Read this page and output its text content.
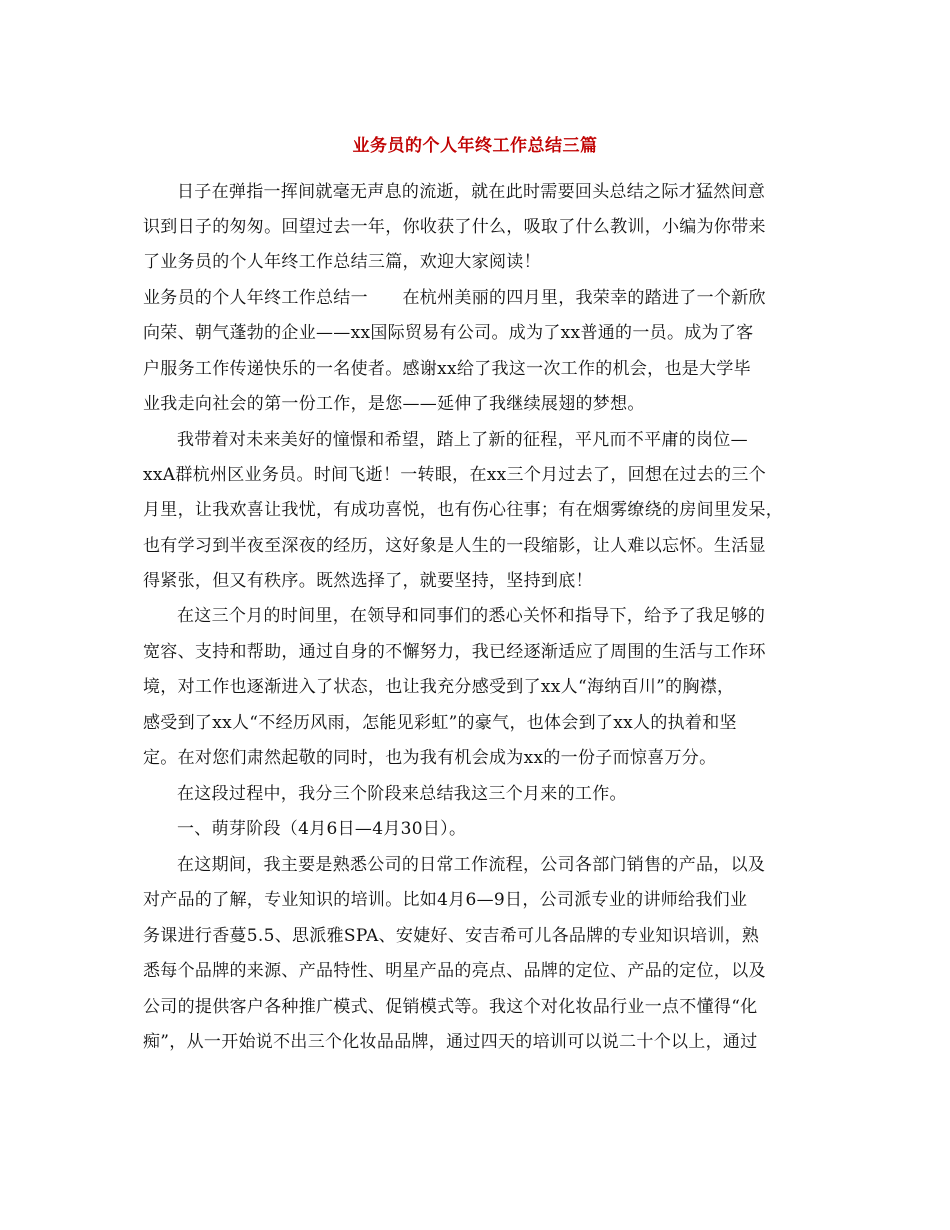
业务员的个人年终工作总结三篇
日子在弹指一挥间就毫无声息的流逝，就在此时需要回头总结之际才猛然间意
识到日子的匆匆。回望过去一年，你收获了什么，吸取了什么教训，小编为你带来
了业务员的个人年终工作总结三篇，欢迎大家阅读！
业务员的个人年终工作总结一　　在杭州美丽的四月里，我荣幸的踏进了一个新欣
向荣、朝气蓬勃的企业——xx国际贸易有公司。成为了xx普通的一员。成为了客
户服务工作传递快乐的一名使者。感谢xx给了我这一次工作的机会，也是大学毕
业我走向社会的第一份工作，是您——延伸了我继续展翅的梦想。
我带着对未来美好的憧憬和希望，踏上了新的征程，平凡而不平庸的岗位—
xxA群杭州区业务员。时间飞逝！一转眼，在xx三个月过去了，回想在过去的三个
月里，让我欢喜让我忧，有成功喜悦，也有伤心往事；有在烟雾缭绕的房间里发呆，
也有学习到半夜至深夜的经历，这好象是人生的一段缩影，让人难以忘怀。生活显
得紧张，但又有秩序。既然选择了，就要坚持，坚持到底！
在这三个月的时间里，在领导和同事们的悉心关怀和指导下，给予了我足够的
宽容、支持和帮助，通过自身的不懈努力，我已经逐渐适应了周围的生活与工作环
境，对工作也逐渐进入了状态，也让我充分感受到了xx人“海纳百川”的胸襟，
感受到了xx人“不经历风雨，怎能见彩虹”的豪气，也体会到了xx人的执着和坚
定。在对您们肃然起敬的同时，也为我有机会成为xx的一份子而惊喜万分。
在这段过程中，我分三个阶段来总结我这三个月来的工作。
一、萌芽阶段（4月6日—4月30日）。
在这期间，我主要是熟悉公司的日常工作流程，公司各部门销售的产品，以及
对产品的了解，专业知识的培训。比如4月6—9日，公司派专业的讲师给我们业
务课进行香蔓5.5、思派雅SPA、安婕好、安吉希可儿各品牌的专业知识培训，熟
悉每个品牌的来源、产品特性、明星产品的亮点、品牌的定位、产品的定位，以及
公司的提供客户各种推广模式、促销模式等。我这个对化妆品行业一点不懂得“化
痴”，从一开始说不出三个化妆品品牌，通过四天的培训可以说二十个以上，通过
